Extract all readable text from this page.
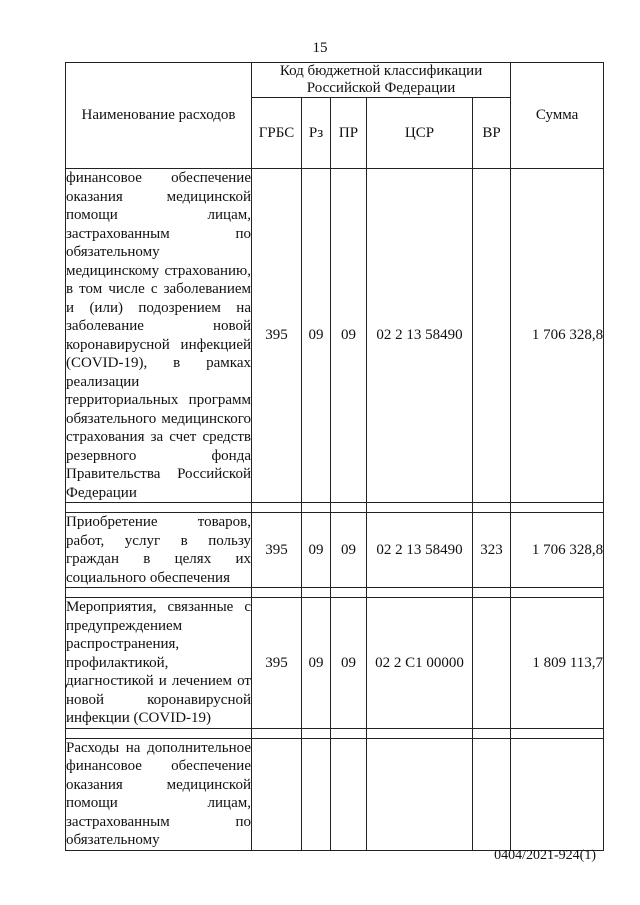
15
Наименование расходов	Код бюджетной классификации Российской Федерации					Сумма
	ГРБС	Рз	ПР	ЦСР	ВР	
финансовое обеспечение оказания медицинской помощи лицам, застрахованным по обязательному медицинскому страхованию, в том числе с заболеванием и (или) подозрением на заболевание новой коронавирусной инфекцией (COVID-19), в рамках реализации территориальных программ обязательного медицинского страхования за счет средств резервного фонда Правительства Российской Федерации	395	09	09	02 2 13 58490		1 706 328,8

Приобретение товаров, работ, услуг в пользу граждан в целях их социального обеспечения	395	09	09	02 2 13 58490	323	1 706 328,8

Мероприятия, связанные с предупреждением распространения, профилактикой, диагностикой и лечением от новой коронавирусной инфекции (COVID-19)	395	09	09	02 2 С1 00000		1 809 113,7

Расходы на дополнительное финансовое обеспечение оказания медицинской помощи лицам, застрахованным по обязательному						
0404/2021-924(1)
